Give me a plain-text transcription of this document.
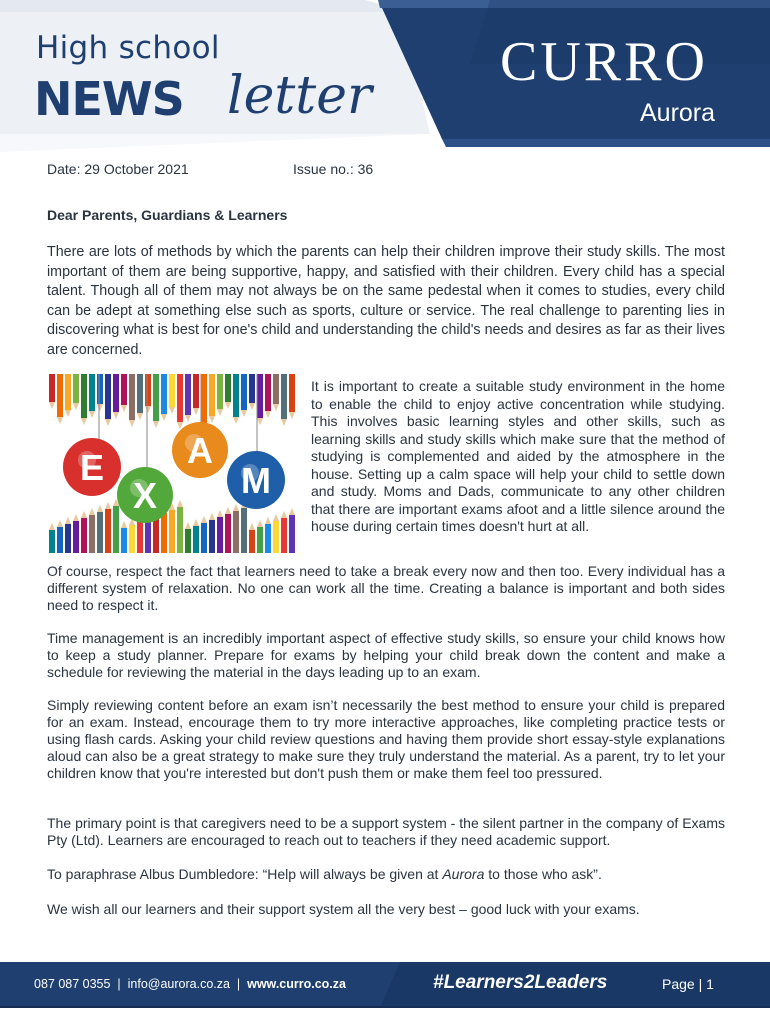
High school
NEWS letter
CURRO
Aurora
Date: 29 October 2021	Issue no.: 36
Dear Parents, Guardians & Learners

There are lots of methods by which the parents can help their children improve their study skills. The most important of them are being supportive, happy, and satisfied with their children. Every child has a special talent. Though all of them may not always be on the same pedestal when it comes to studies, every child can be adept at something else such as sports, culture or service. The real challenge to parenting lies in discovering what is best for one's child and understanding the child's needs and desires as far as their lives are concerned.

E A
X M

It is important to create a suitable study environment in the home to enable the child to enjoy active concentration while studying. This involves basic learning styles and other skills, such as learning skills and study skills which make sure that the method of studying is complemented and aided by the atmosphere in the house. Setting up a calm space will help your child to settle down and study. Moms and Dads, communicate to any other children that there are important exams afoot and a little silence around the house during certain times doesn't hurt at all.

Of course, respect the fact that learners need to take a break every now and then too. Every individual has a different system of relaxation. No one can work all the time. Creating a balance is important and both sides need to respect it.

Time management is an incredibly important aspect of effective study skills, so ensure your child knows how to keep a study planner. Prepare for exams by helping your child break down the content and make a schedule for reviewing the material in the days leading up to an exam.

Simply reviewing content before an exam isn’t necessarily the best method to ensure your child is prepared for an exam. Instead, encourage them to try more interactive approaches, like completing practice tests or using flash cards. Asking your child review questions and having them provide short essay-style explanations aloud can also be a great strategy to make sure they truly understand the material. As a parent, try to let your children know that you're interested but don't push them or make them feel too pressured.

The primary point is that caregivers need to be a support system - the silent partner in the company of Exams Pty (Ltd). Learners are encouraged to reach out to teachers if they need academic support.

To paraphrase Albus Dumbledore: “Help will always be given at Aurora to those who ask”.

We wish all our learners and their support system all the very best – good luck with your exams.

087 087 0355 | info@aurora.co.za | www.curro.co.za	#Learners2Leaders	Page | 1
